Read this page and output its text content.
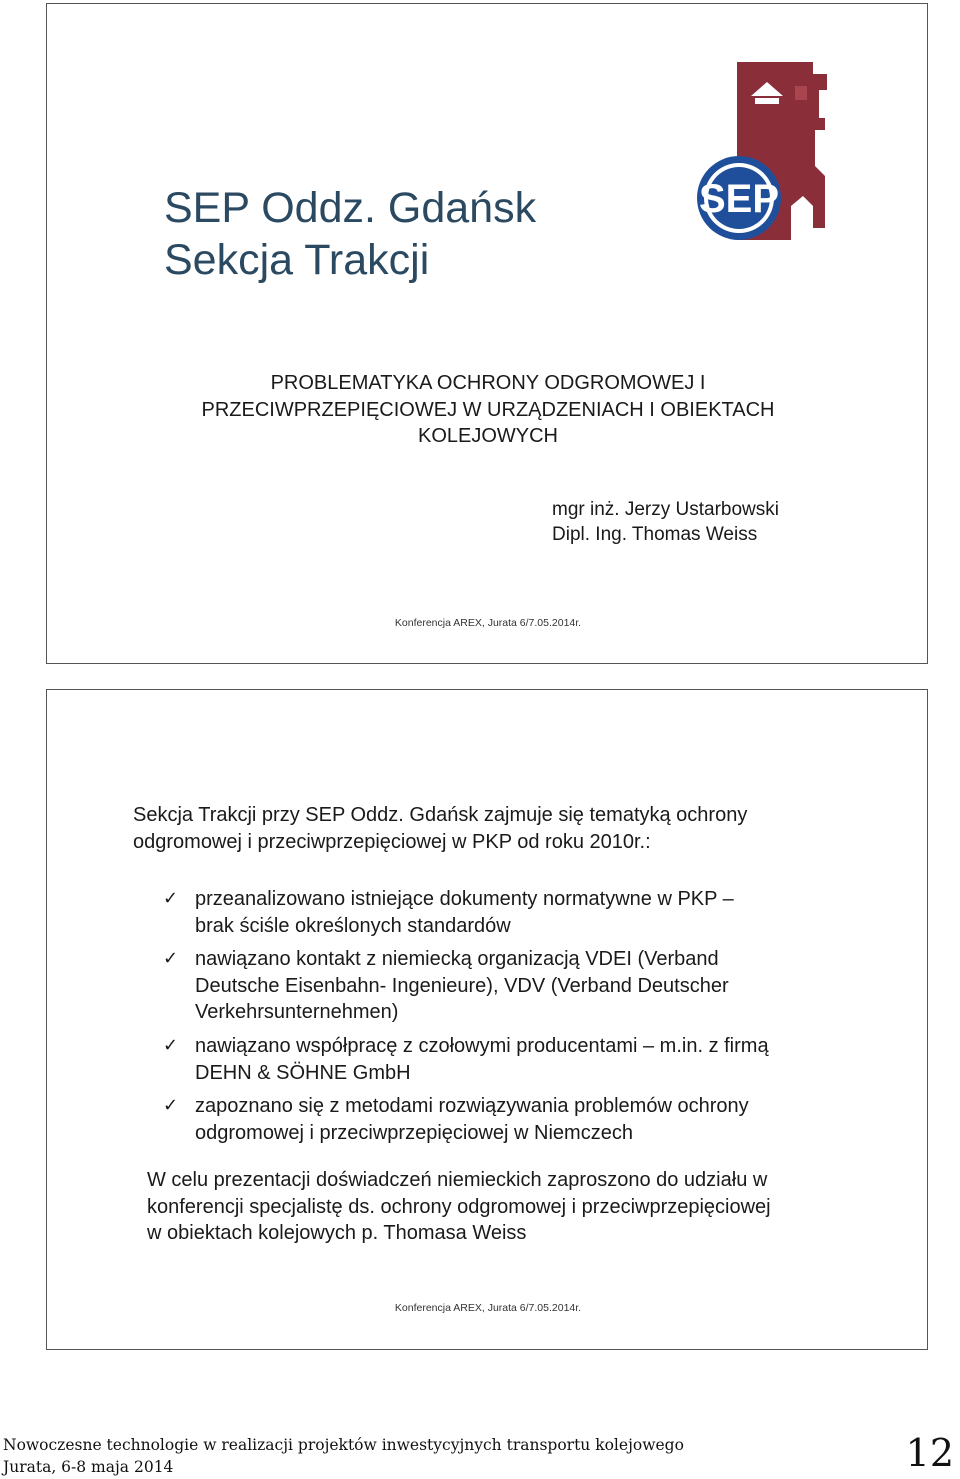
SEP Oddz. Gdańsk
Sekcja Trakcji
SEP
PROBLEMATYKA OCHRONY ODGROMOWEJ I
PRZECIWPRZEPIĘCIOWEJ W URZĄDZENIACH I OBIEKTACH
KOLEJOWYCH
mgr inż. Jerzy Ustarbowski
Dipl. Ing. Thomas Weiss
Konferencja AREX, Jurata 6/7.05.2014r.
Sekcja Trakcji przy SEP Oddz. Gdańsk zajmuje się tematyką ochrony
odgromowej i przeciwprzepięciowej w PKP od roku 2010r.:
✓ przeanalizowano istniejące dokumenty normatywne w PKP –
brak ściśle określonych standardów
✓ nawiązano kontakt z niemiecką organizacją VDEI (Verband
Deutsche Eisenbahn- Ingenieure), VDV (Verband Deutscher
Verkehrsunternehmen)
✓ nawiązano współpracę z czołowymi producentami – m.in. z firmą
DEHN & SÖHNE GmbH
✓ zapoznano się z metodami rozwiązywania problemów ochrony
odgromowej i przeciwprzepięciowej w Niemczech
W celu prezentacji doświadczeń niemieckich zaproszono do udziału w
konferencji specjalistę ds. ochrony odgromowej i przeciwprzepięciowej
w obiektach kolejowych p. Thomasa Weiss
Konferencja AREX, Jurata 6/7.05.2014r.
Nowoczesne technologie w realizacji projektów inwestycyjnych transportu kolejowego
Jurata, 6-8 maja 2014	12
